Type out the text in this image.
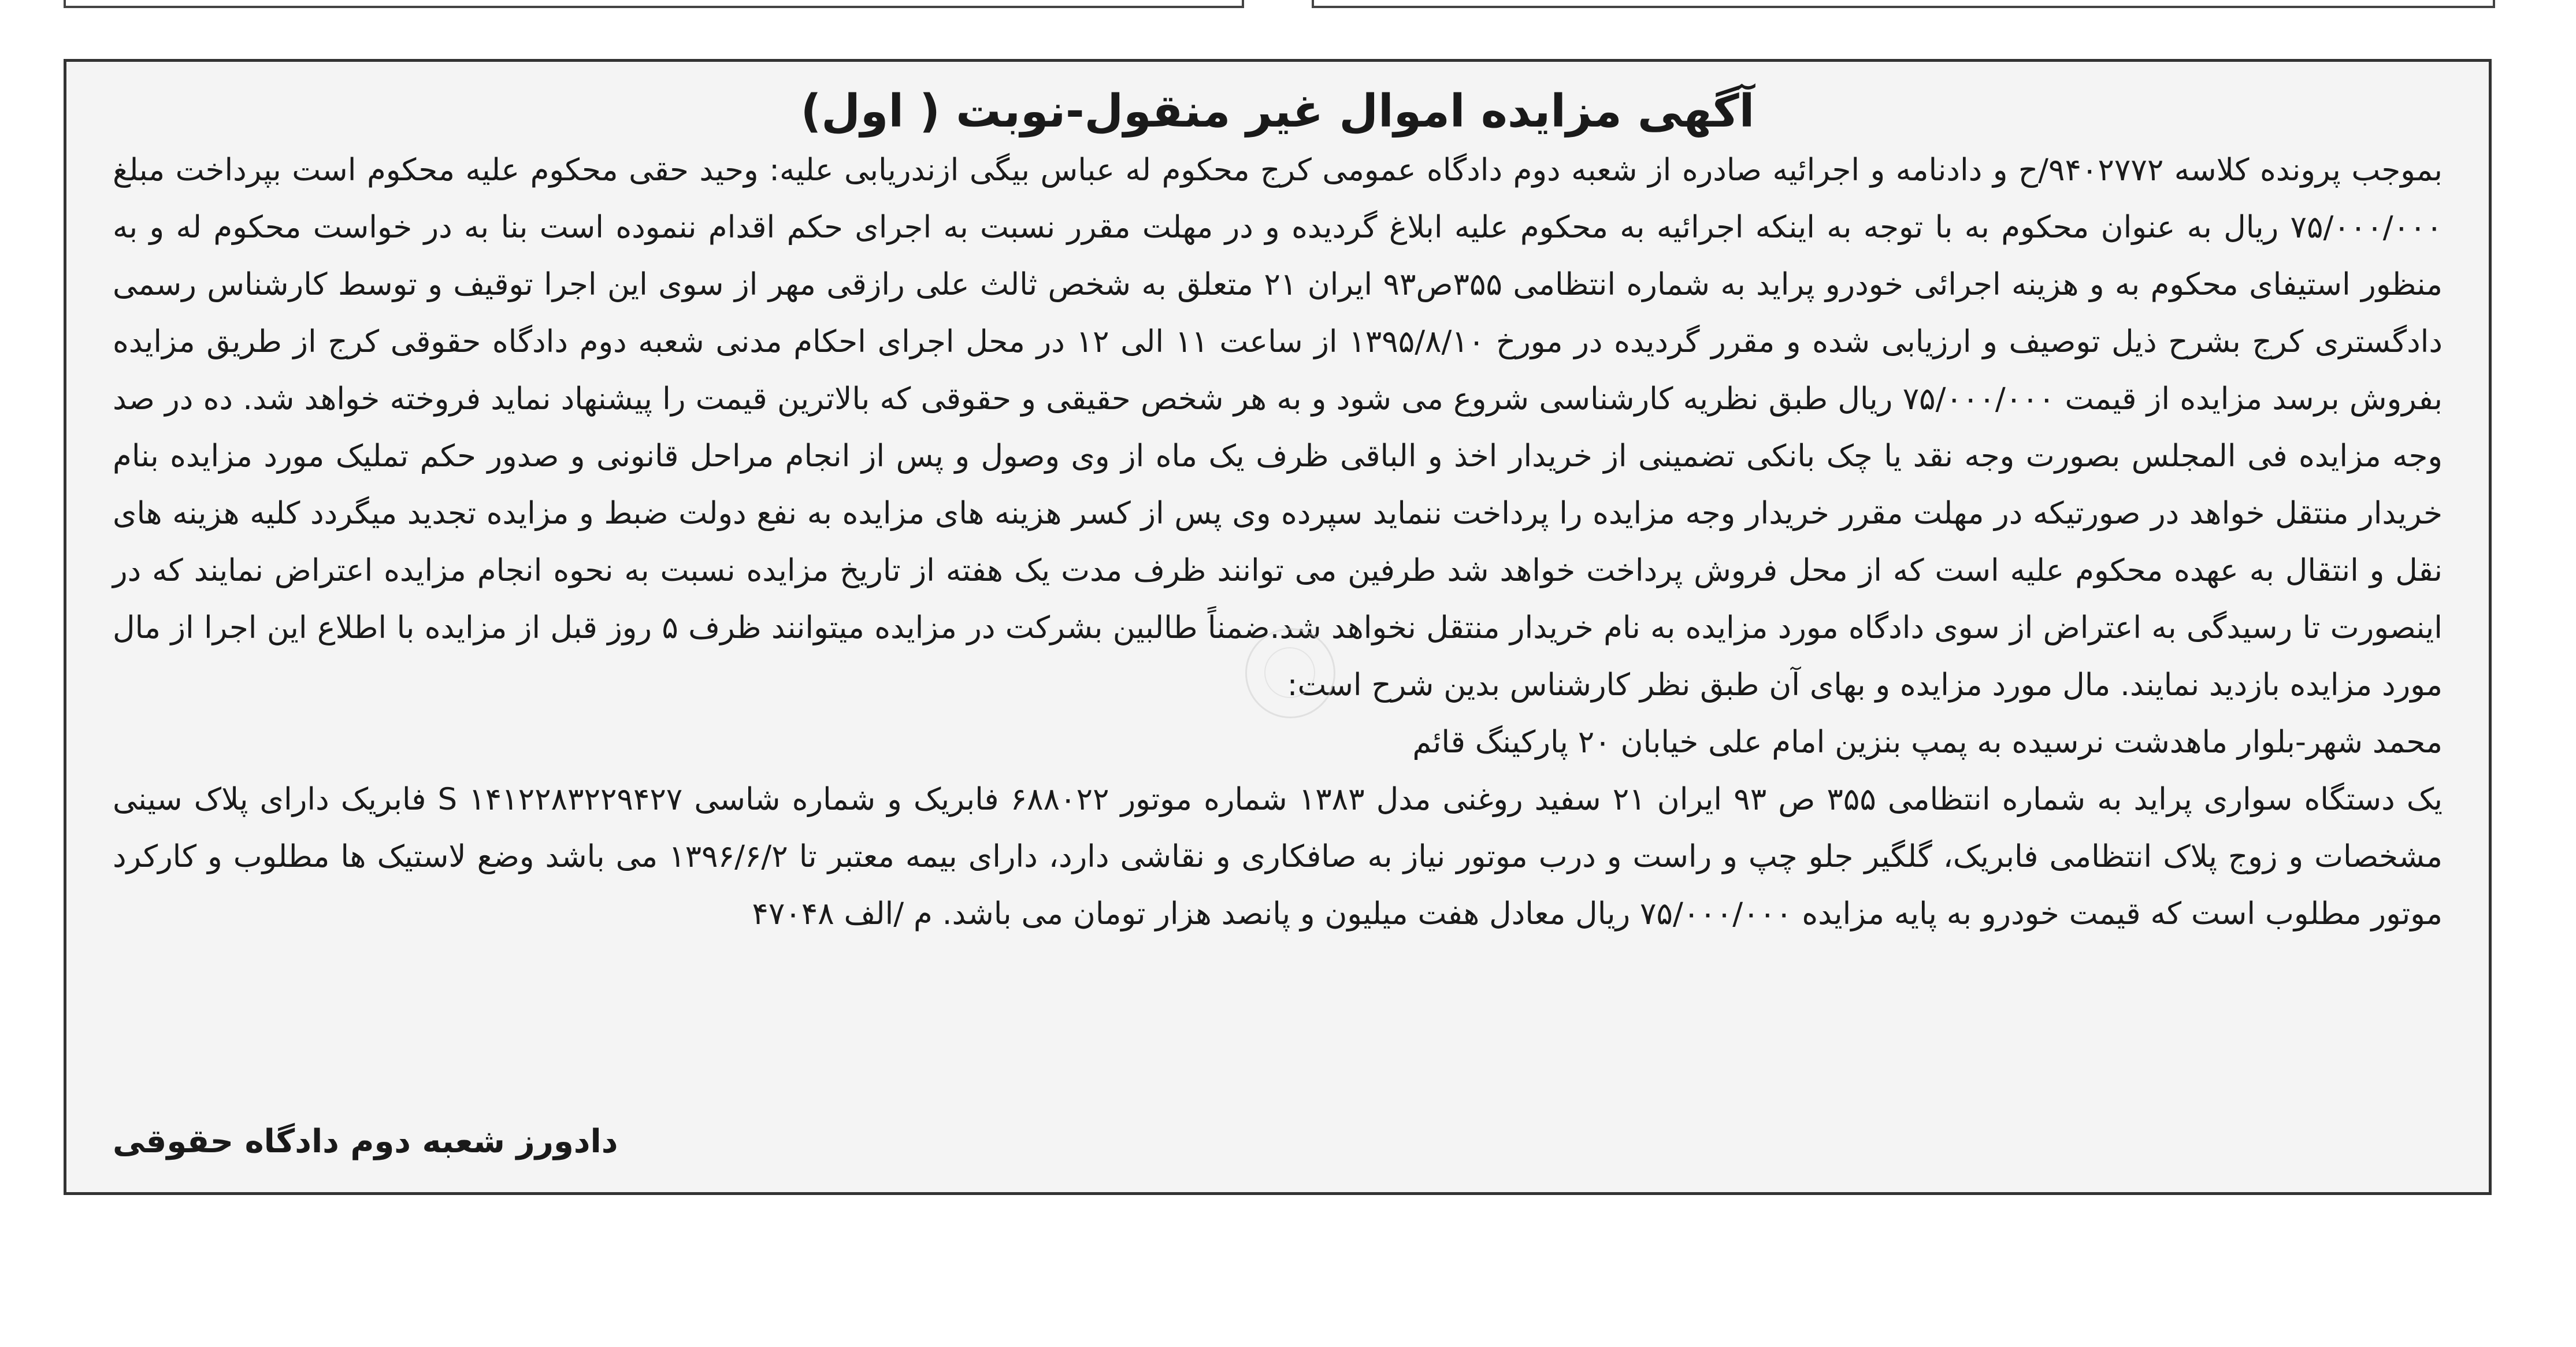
آگهی مزایده اموال غیر منقول-نوبت ( اول)

بموجب پرونده کلاسه ۹۴۰۲۷۷۲/ح و دادنامه و اجرائیه صادره از شعبه دوم دادگاه عمومی کرج محکوم له عباس بیگی ازندریابی علیه: وحید حقی محکوم علیه محکوم است بپرداخت مبلغ ۷۵/۰۰۰/۰۰۰ ریال به عنوان محکوم به با توجه به اینکه اجرائیه به محکوم علیه ابلاغ گردیده و در مهلت مقرر نسبت به اجرای حکم اقدام ننموده است بنا به در خواست محکوم له و به منظور استیفای محکوم به و هزینه اجرائی خودرو پراید به شماره انتظامی ۳۵۵ص۹۳ ایران ۲۱ متعلق به شخص ثالث علی رازقی مهر از سوی این اجرا توقیف و توسط کارشناس رسمی دادگستری کرج بشرح ذیل توصیف و ارزیابی شده و مقرر گردیده در مورخ ۱۳۹۵/۸/۱۰ از ساعت ۱۱ الی ۱۲ در محل اجرای احکام مدنی شعبه دوم دادگاه حقوقی کرج از طریق مزایده بفروش برسد مزایده از قیمت ۷۵/۰۰۰/۰۰۰ ریال طبق نظریه کارشناسی شروع می شود و به هر شخص حقیقی و حقوقی که بالاترین قیمت را پیشنهاد نماید فروخته خواهد شد. ده در صد وجه مزایده فی المجلس بصورت وجه نقد یا چک بانکی تضمینی از خریدار اخذ و الباقی ظرف یک ماه از وی وصول و پس از انجام مراحل قانونی و صدور حکم تملیک مورد مزایده بنام خریدار منتقل خواهد در صورتیکه در مهلت مقرر خریدار وجه مزایده را پرداخت ننماید سپرده وی پس از کسر هزینه های مزایده به نفع دولت ضبط و مزایده تجدید میگردد کلیه هزینه های نقل و انتقال به عهده محکوم علیه است که از محل فروش پرداخت خواهد شد طرفین می توانند ظرف مدت یک هفته از تاریخ مزایده نسبت به نحوه انجام مزایده اعتراض نمایند که در اینصورت تا رسیدگی به اعتراض از سوی دادگاه مورد مزایده به نام خریدار منتقل نخواهد شد.ضمناً طالبین بشرکت در مزایده میتوانند ظرف ۵ روز قبل از مزایده با اطلاع این اجرا از مال مورد مزایده بازدید نمایند. مال مورد مزایده و بهای آن طبق نظر کارشناس بدین شرح است:

محمد شهر-بلوار ماهدشت نرسیده به پمپ بنزین امام علی خیابان ۲۰ پارکینگ قائم

یک دستگاه سواری پراید به شماره انتظامی ۳۵۵ ص ۹۳ ایران ۲۱ سفید روغنی مدل ۱۳۸۳ شماره موتور ۶۸۸۰۲۲ فابریک و شماره شاسی S ۱۴۱۲۲۸۳۲۲۹۴۲۷ فابریک دارای پلاک سینی مشخصات و زوج پلاک انتظامی فابریک، گلگیر جلو چپ و راست و درب موتور نیاز به صافکاری و نقاشی دارد، دارای بیمه معتبر تا ۱۳۹۶/۶/۲ می باشد وضع لاستیک ها مطلوب و کارکرد موتور مطلوب است که قیمت خودرو به پایه مزایده ۷۵/۰۰۰/۰۰۰ ریال معادل هفت میلیون و پانصد هزار تومان می باشد. م /الف ۴۷۰۴۸

دادورز شعبه دوم دادگاه حقوقی
